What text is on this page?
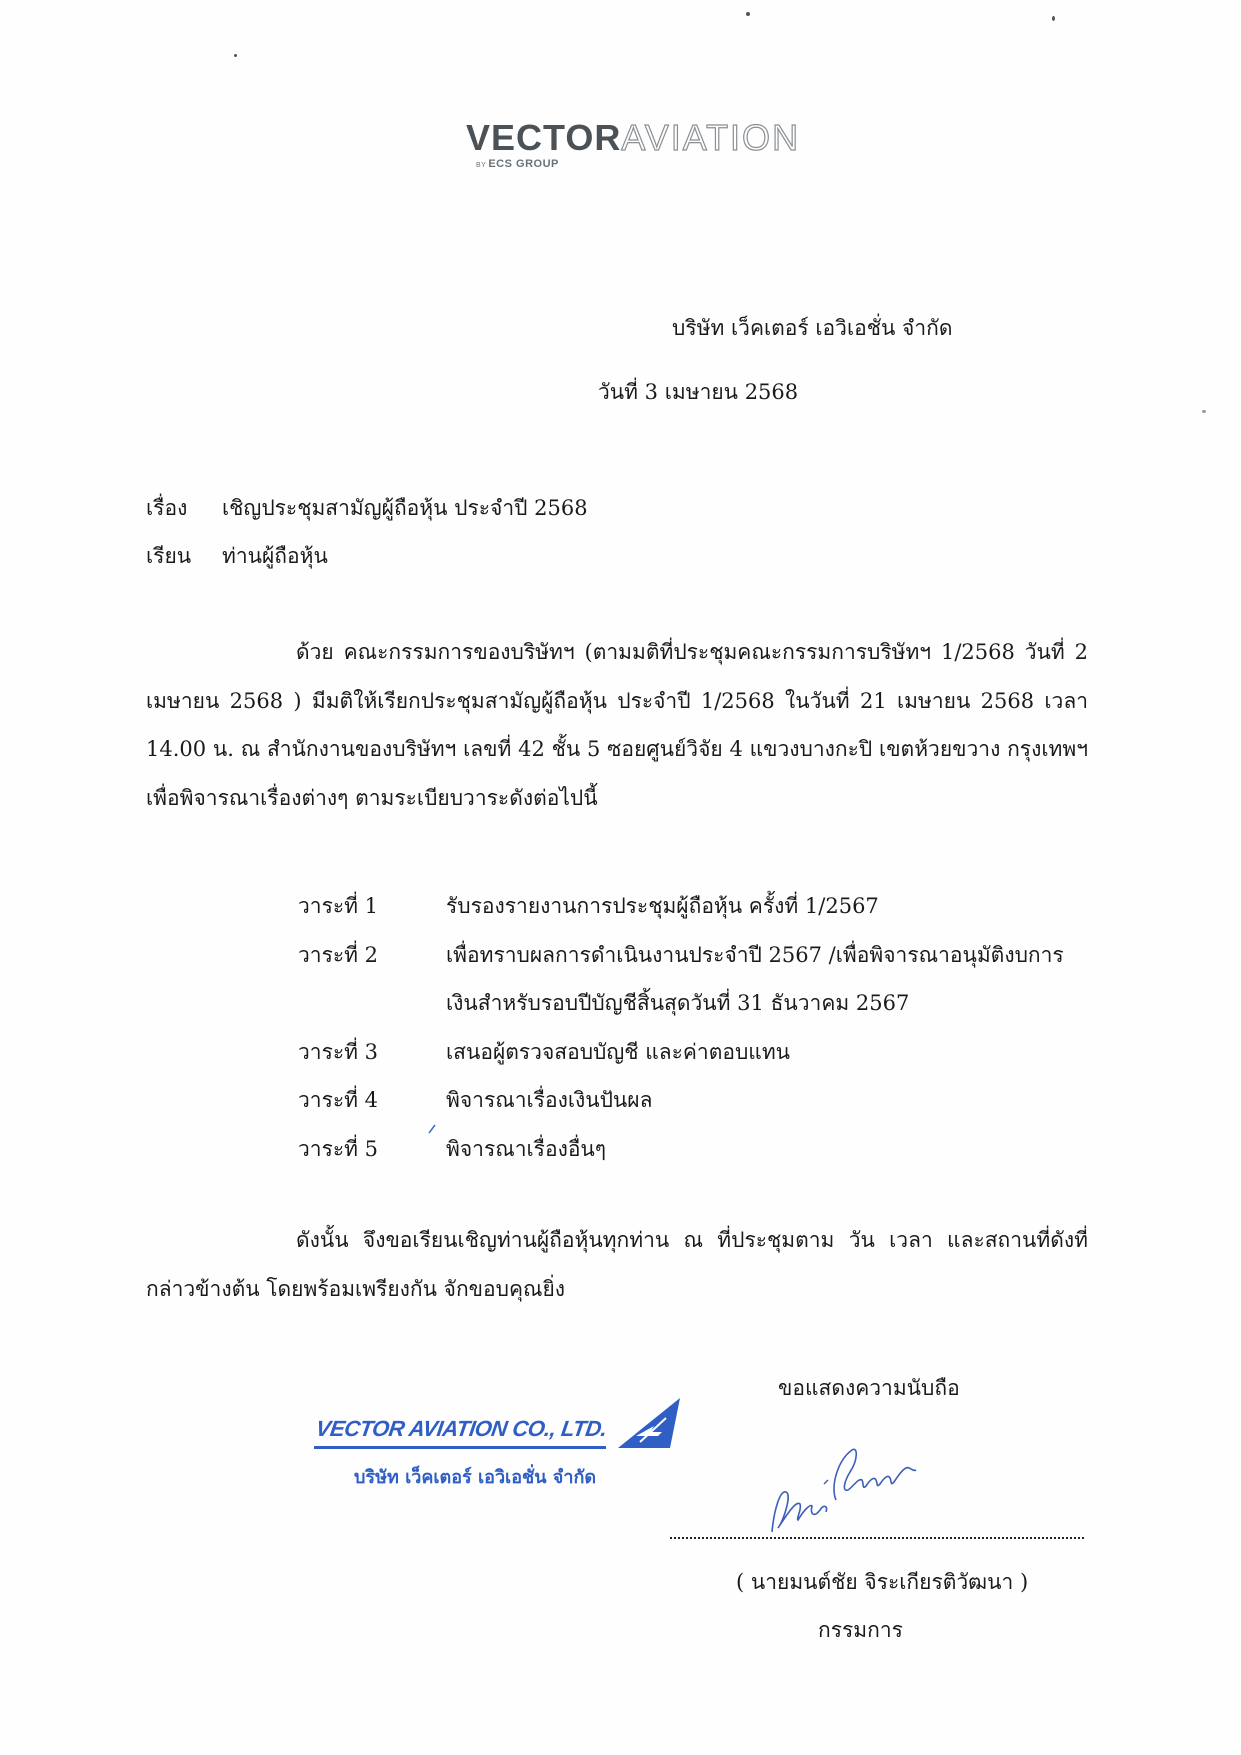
VECTORAVIATION
BY ECS GROUP
บริษัท เว็คเตอร์ เอวิเอชั่น จำกัด
วันที่ 3 เมษายน 2568
เรื่อง เชิญประชุมสามัญผู้ถือหุ้น ประจำปี 2568
เรียน ท่านผู้ถือหุ้น
ด้วย คณะกรรมการของบริษัทฯ (ตามมติที่ประชุมคณะกรรมการบริษัทฯ 1/2568 วันที่ 2 เมษายน 2568 ) มีมติให้เรียกประชุมสามัญผู้ถือหุ้น ประจำปี 1/2568 ในวันที่ 21 เมษายน 2568 เวลา 14.00 น. ณ สำนักงานของบริษัทฯ เลขที่ 42 ชั้น 5 ซอยศูนย์วิจัย 4 แขวงบางกะปิ เขตห้วยขวาง กรุงเทพฯ เพื่อพิจารณาเรื่องต่างๆ ตามระเบียบวาระดังต่อไปนี้
วาระที่ 1	รับรองรายงานการประชุมผู้ถือหุ้น ครั้งที่ 1/2567
วาระที่ 2	เพื่อทราบผลการดำเนินงานประจำปี 2567 /เพื่อพิจารณาอนุมัติงบการเงินสำหรับรอบปีบัญชีสิ้นสุดวันที่ 31 ธันวาคม 2567
วาระที่ 3	เสนอผู้ตรวจสอบบัญชี และค่าตอบแทน
วาระที่ 4	พิจารณาเรื่องเงินปันผล
วาระที่ 5	พิจารณาเรื่องอื่นๆ
ดังนั้น จึงขอเรียนเชิญท่านผู้ถือหุ้นทุกท่าน ณ ที่ประชุมตาม วัน เวลา และสถานที่ดังที่กล่าวข้างต้น โดยพร้อมเพรียงกัน จักขอบคุณยิ่ง
ขอแสดงความนับถือ
VECTOR AVIATION CO., LTD.
บริษัท เว็คเตอร์ เอวิเอชั่น จำกัด
( นายมนต์ชัย จิระเกียรติวัฒนา )
กรรมการ
